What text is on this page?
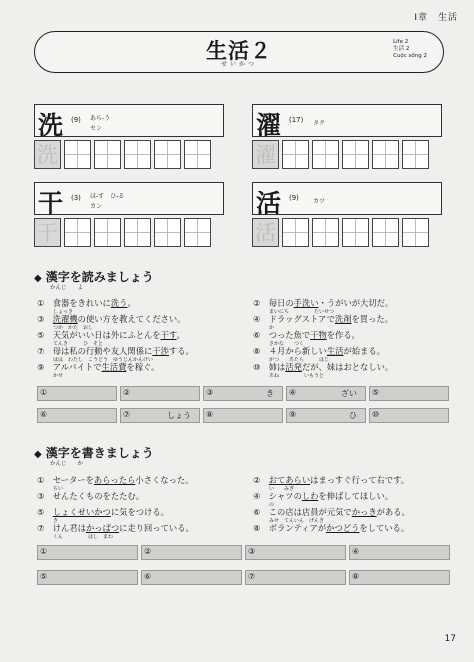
Ⅰ章　生活
生活２
せいかつ
Life 2
生活 2
Cuộc sống 2
洗 (9) あら-う
セン
洗
濯 (17) タク
濯
干 (3) ほ-す　ひ-る
カン
干
活 (9) カツ
活
◆ 漢字を読みましょう
かんじ　　よ
①　食器をきれいに洗う。
しょっき
③　洗濯機の使い方を教えてください。
つか　かた　おし
⑤　天気がいい日は外にふとんを干す。
てんき　　　ひ　そと
⑦　母は私の行動や友人関係に干渉する。
はは　わたし　こうどう　ゆうじんかんけい
⑨　アルバイトで生活費を稼ぐ。
かせ
②　毎日の手洗い・うがいが大切だ。
まいにち　　　　　たいせつ
④　ドラッグストアで洗剤を買った。
か
⑥　つった魚で干物を作る。
さかな　　つく
⑧　４月から新しい生活が始まる。
がつ　　あたら　　　はじ
⑩　姉は活発だが、妹はおとなしい。
あね　　　　　いもうと
①	②	③	き ④	ざい ⑤
⑥	⑦	しょう ⑧	⑨	ひ ⑩
◆ 漢字を書きましょう
かんじ　　か
①　セーターをあらったら小さくなった。
ちい
③　せんたくものをたたむ。
⑤　しょくせいかつに気をつける。
き
⑦　けん君はかっぱつに走り回っている。
くん　　　　　はし　まわ
②　おてあらいはまっすぐ行って右です。
い　　みぎ
④　シャツのしわを伸ばしてほしい。
の
⑥　この店は店員が元気でかっきがある。
みせ　てんいん　げんき
⑧　ボランティアがかつどうをしている。
①	②	③	④
⑤	⑥	⑦	⑧
17
